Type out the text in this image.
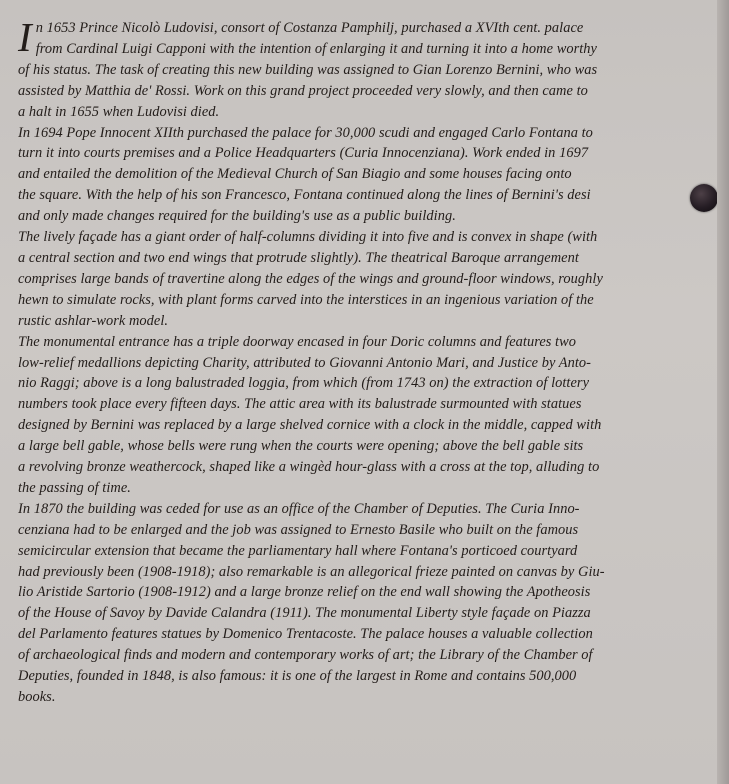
I n 1653 Prince Nicolò Ludovisi, consort of Costanza Pamphilj, purchased a XVIth cent. palace
from Cardinal Luigi Capponi with the intention of enlarging it and turning it into a home worthy
of his status. The task of creating this new building was assigned to Gian Lorenzo Bernini, who was
assisted by Matthia de' Rossi. Work on this grand project proceeded very slowly, and then came to
a halt in 1655 when Ludovisi died.
In 1694 Pope Innocent XIIth purchased the palace for 30,000 scudi and engaged Carlo Fontana to
turn it into courts premises and a Police Headquarters (Curia Innocenziana). Work ended in 1697
and entailed the demolition of the Medieval Church of San Biagio and some houses facing onto
the square. With the help of his son Francesco, Fontana continued along the lines of Bernini's desi
and only made changes required for the building's use as a public building.
The lively façade has a giant order of half-columns dividing it into five and is convex in shape (with
a central section and two end wings that protrude slightly). The theatrical Baroque arrangement
comprises large bands of travertine along the edges of the wings and ground-floor windows, roughly
hewn to simulate rocks, with plant forms carved into the interstices in an ingenious variation of the
rustic ashlar-work model.
The monumental entrance has a triple doorway encased in four Doric columns and features two
low-relief medallions depicting Charity, attributed to Giovanni Antonio Mari, and Justice by Anto-
nio Raggi; above is a long balustraded loggia, from which (from 1743 on) the extraction of lottery
numbers took place every fifteen days. The attic area with its balustrade surmounted with statues
designed by Bernini was replaced by a large shelved cornice with a clock in the middle, capped with
a large bell gable, whose bells were rung when the courts were opening; above the bell gable sits
a revolving bronze weathercock, shaped like a wingèd hour-glass with a cross at the top, alluding to
the passing of time.
In 1870 the building was ceded for use as an office of the Chamber of Deputies. The Curia Inno-
cenziana had to be enlarged and the job was assigned to Ernesto Basile who built on the famous
semicircular extension that became the parliamentary hall where Fontana's porticoed courtyard
had previously been (1908-1918); also remarkable is an allegorical frieze painted on canvas by Giu-
lio Aristide Sartorio (1908-1912) and a large bronze relief on the end wall showing the Apotheosis
of the House of Savoy by Davide Calandra (1911). The monumental Liberty style façade on Piazza
del Parlamento features statues by Domenico Trentacoste. The palace houses a valuable collection
of archaeological finds and modern and contemporary works of art; the Library of the Chamber of
Deputies, founded in 1848, is also famous: it is one of the largest in Rome and contains 500,000
books.
